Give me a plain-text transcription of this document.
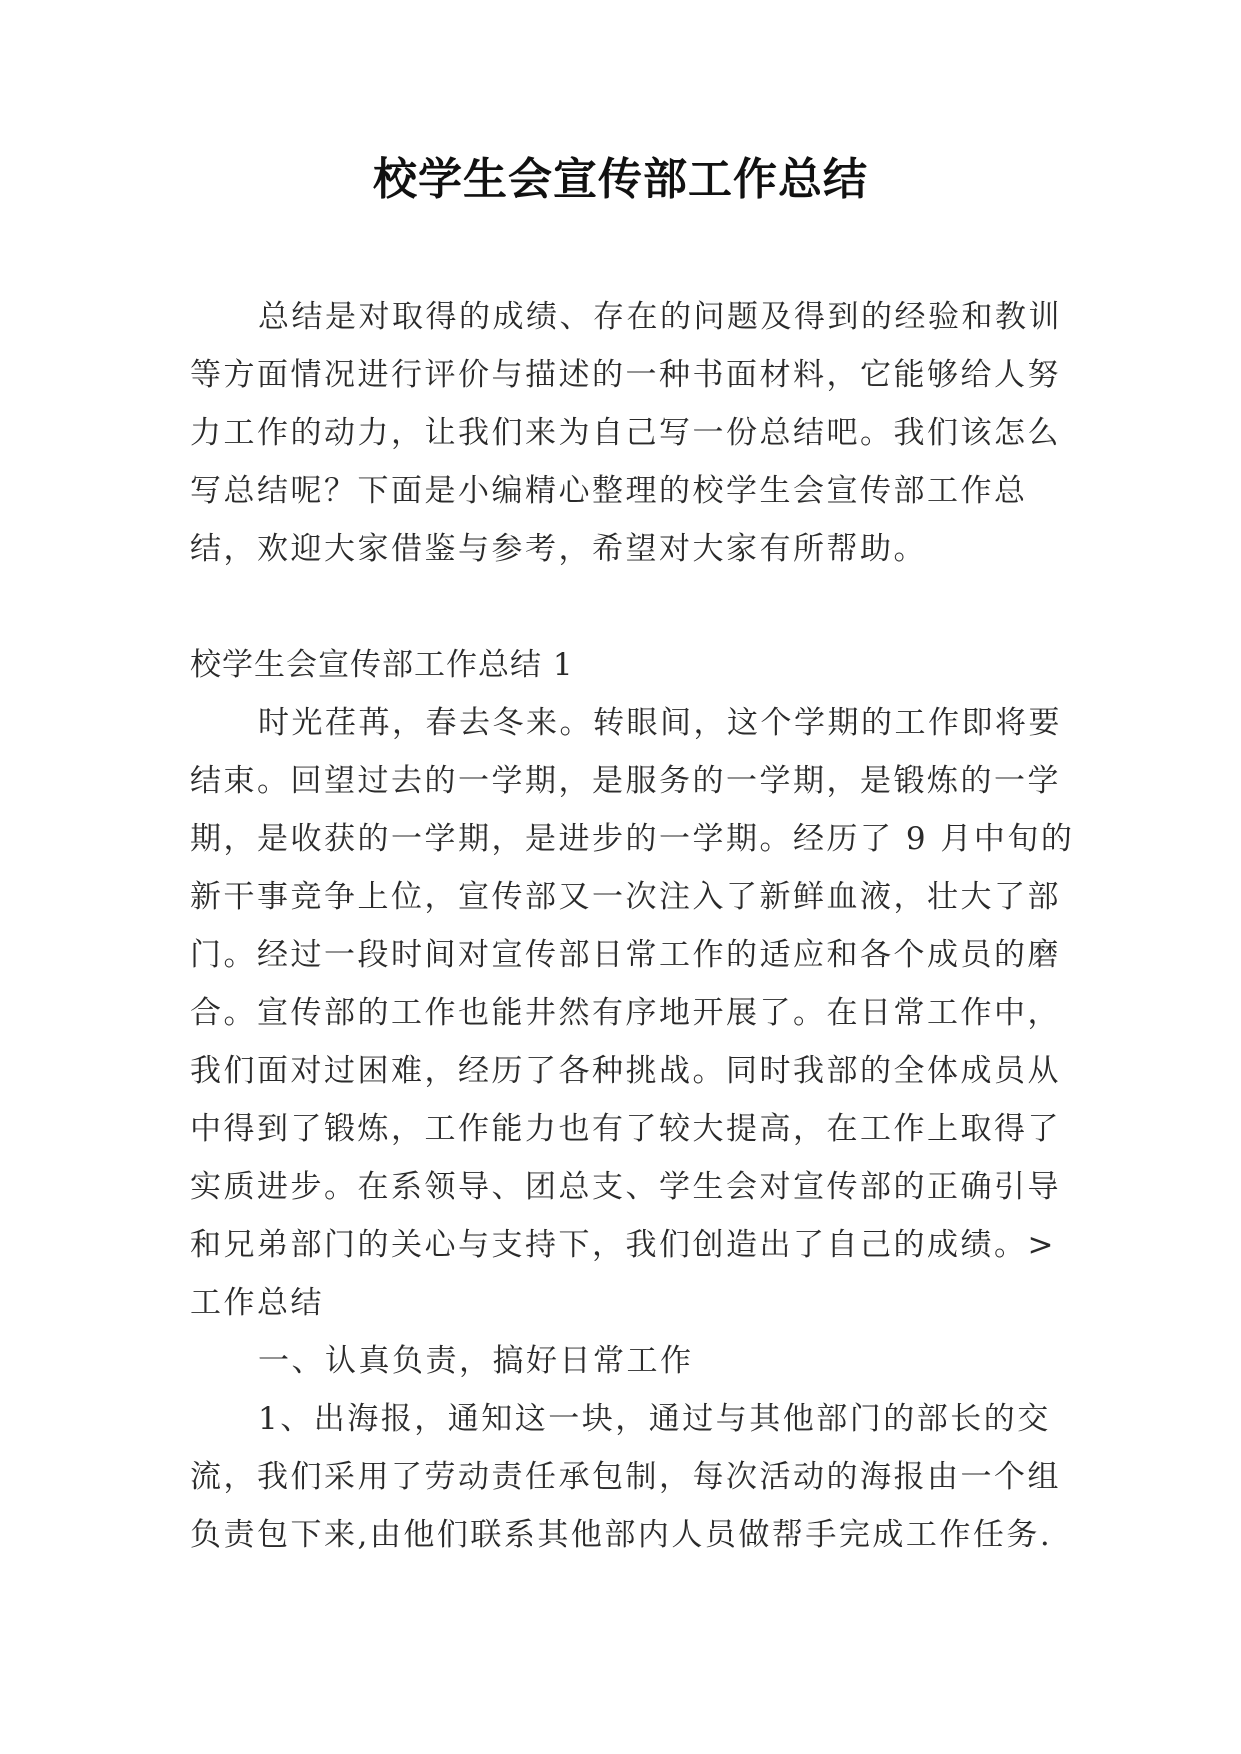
校学生会宣传部工作总结
总结是对取得的成绩、存在的问题及得到的经验和教训
等方面情况进行评价与描述的一种书面材料，它能够给人努
力工作的动力，让我们来为自己写一份总结吧。我们该怎么
写总结呢？下面是小编精心整理的校学生会宣传部工作总
结，欢迎大家借鉴与参考，希望对大家有所帮助。
校学生会宣传部工作总结 1
时光荏苒，春去冬来。转眼间，这个学期的工作即将要
结束。回望过去的一学期，是服务的一学期，是锻炼的一学
期，是收获的一学期，是进步的一学期。经历了 9 月中旬的
新干事竞争上位，宣传部又一次注入了新鲜血液，壮大了部
门。经过一段时间对宣传部日常工作的适应和各个成员的磨
合。宣传部的工作也能井然有序地开展了。在日常工作中，
我们面对过困难，经历了各种挑战。同时我部的全体成员从
中得到了锻炼，工作能力也有了较大提高，在工作上取得了
实质进步。在系领导、团总支、学生会对宣传部的正确引导
和兄弟部门的关心与支持下，我们创造出了自己的成绩。>
工作总结
一、认真负责，搞好日常工作
1、出海报，通知这一块，通过与其他部门的部长的交
流，我们采用了劳动责任承包制，每次活动的海报由一个组
负责包下来,由他们联系其他部内人员做帮手完成工作任务.
